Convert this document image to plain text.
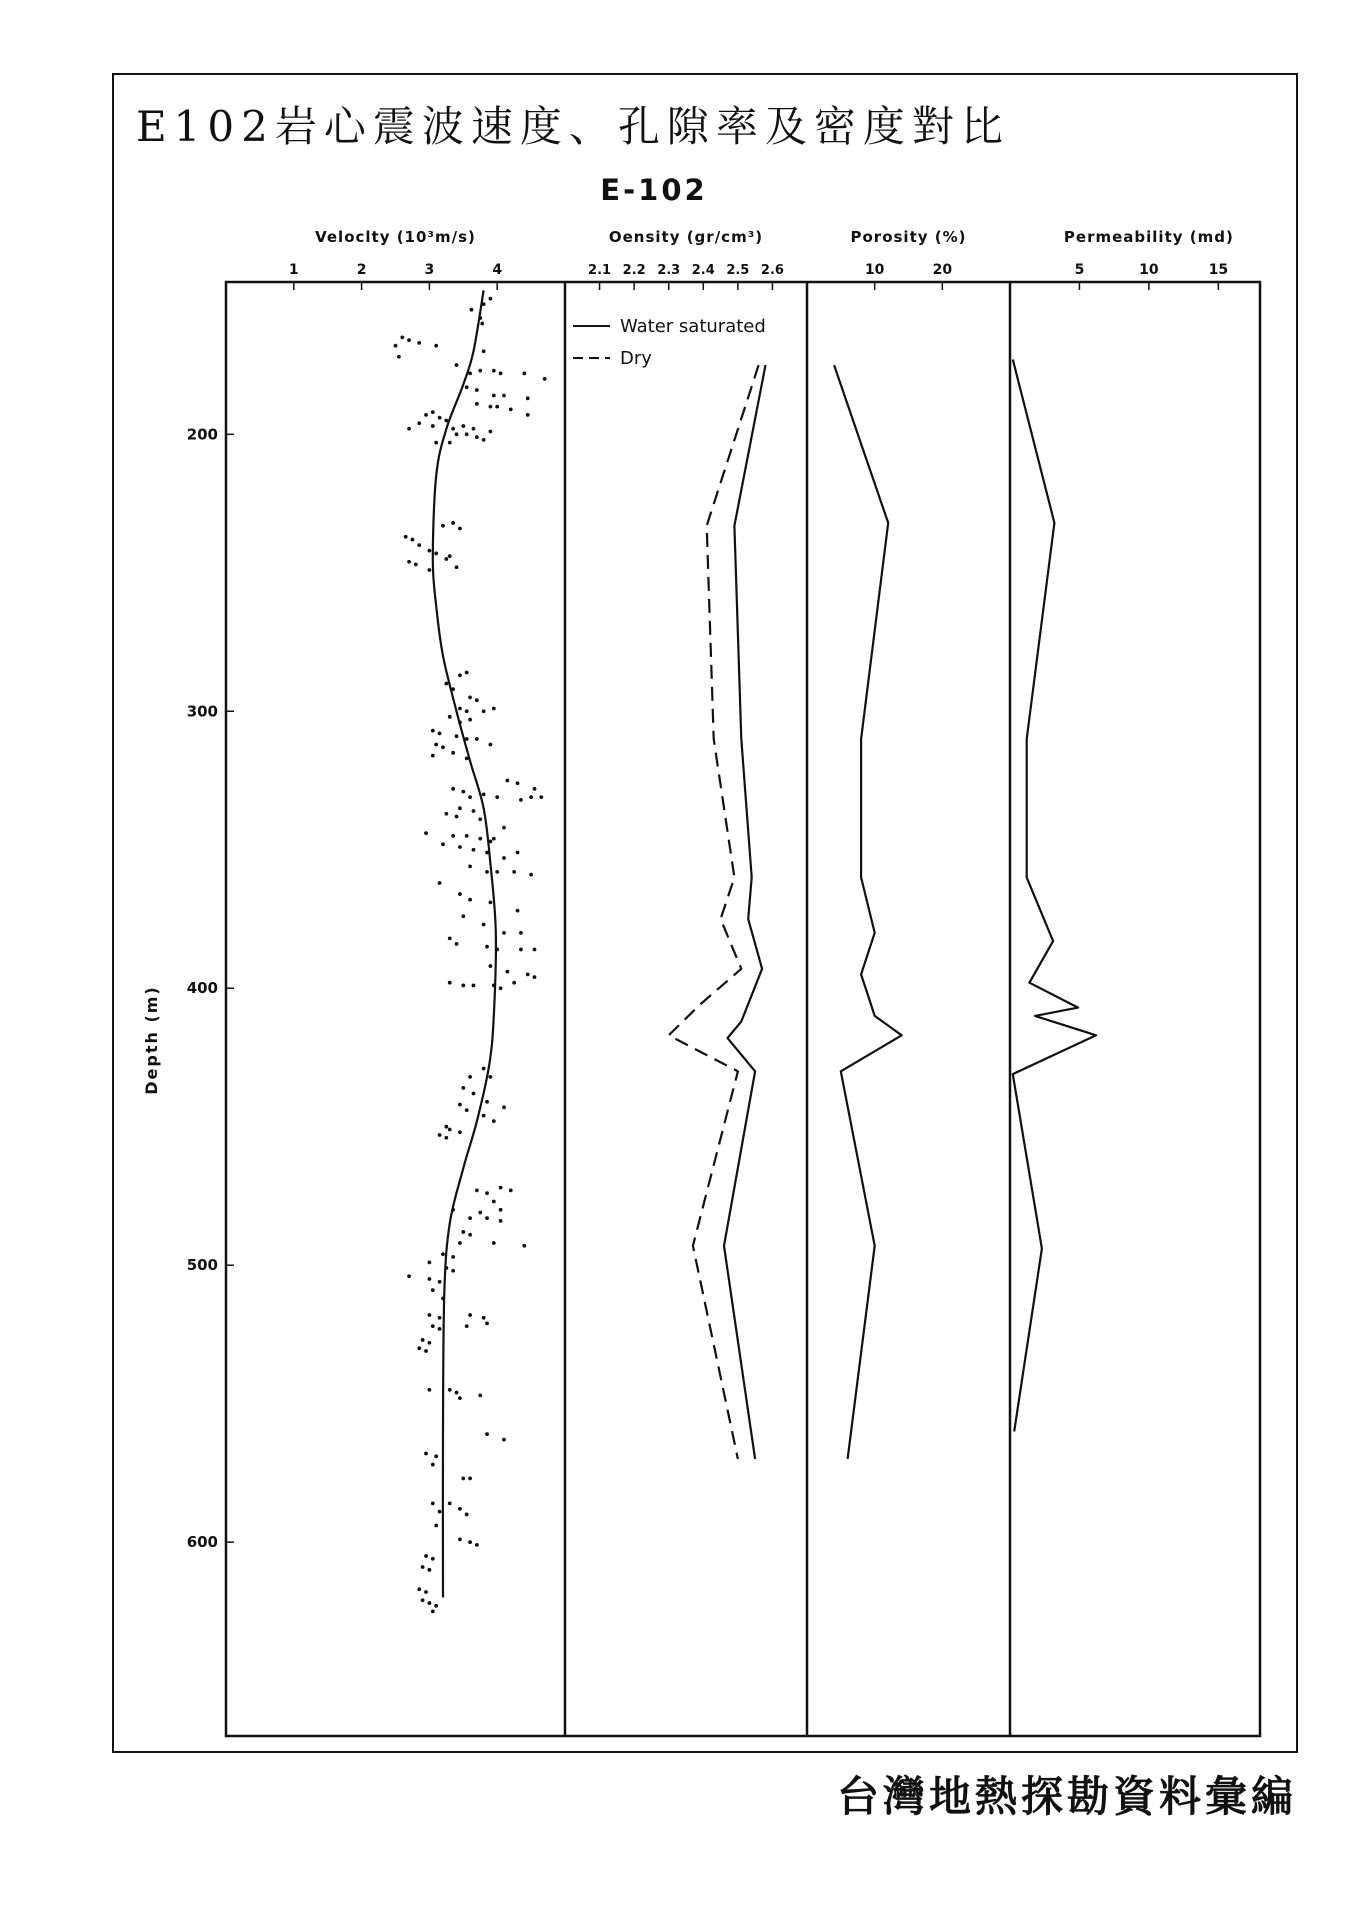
E102岩心震波速度、孔隙率及密度對比
E-102
Veloclty (10³m/s)
1	2	3	4
Oensity (gr/cm³)
2.1 2.2 2.3 2.4 2.5 2.6
Porosity (%)
10	20
Permeability (md)
5	10	15
200
300
400
500
600
Depth (m)
Water saturated
Dry

台灣地熱探勘資料彙編
